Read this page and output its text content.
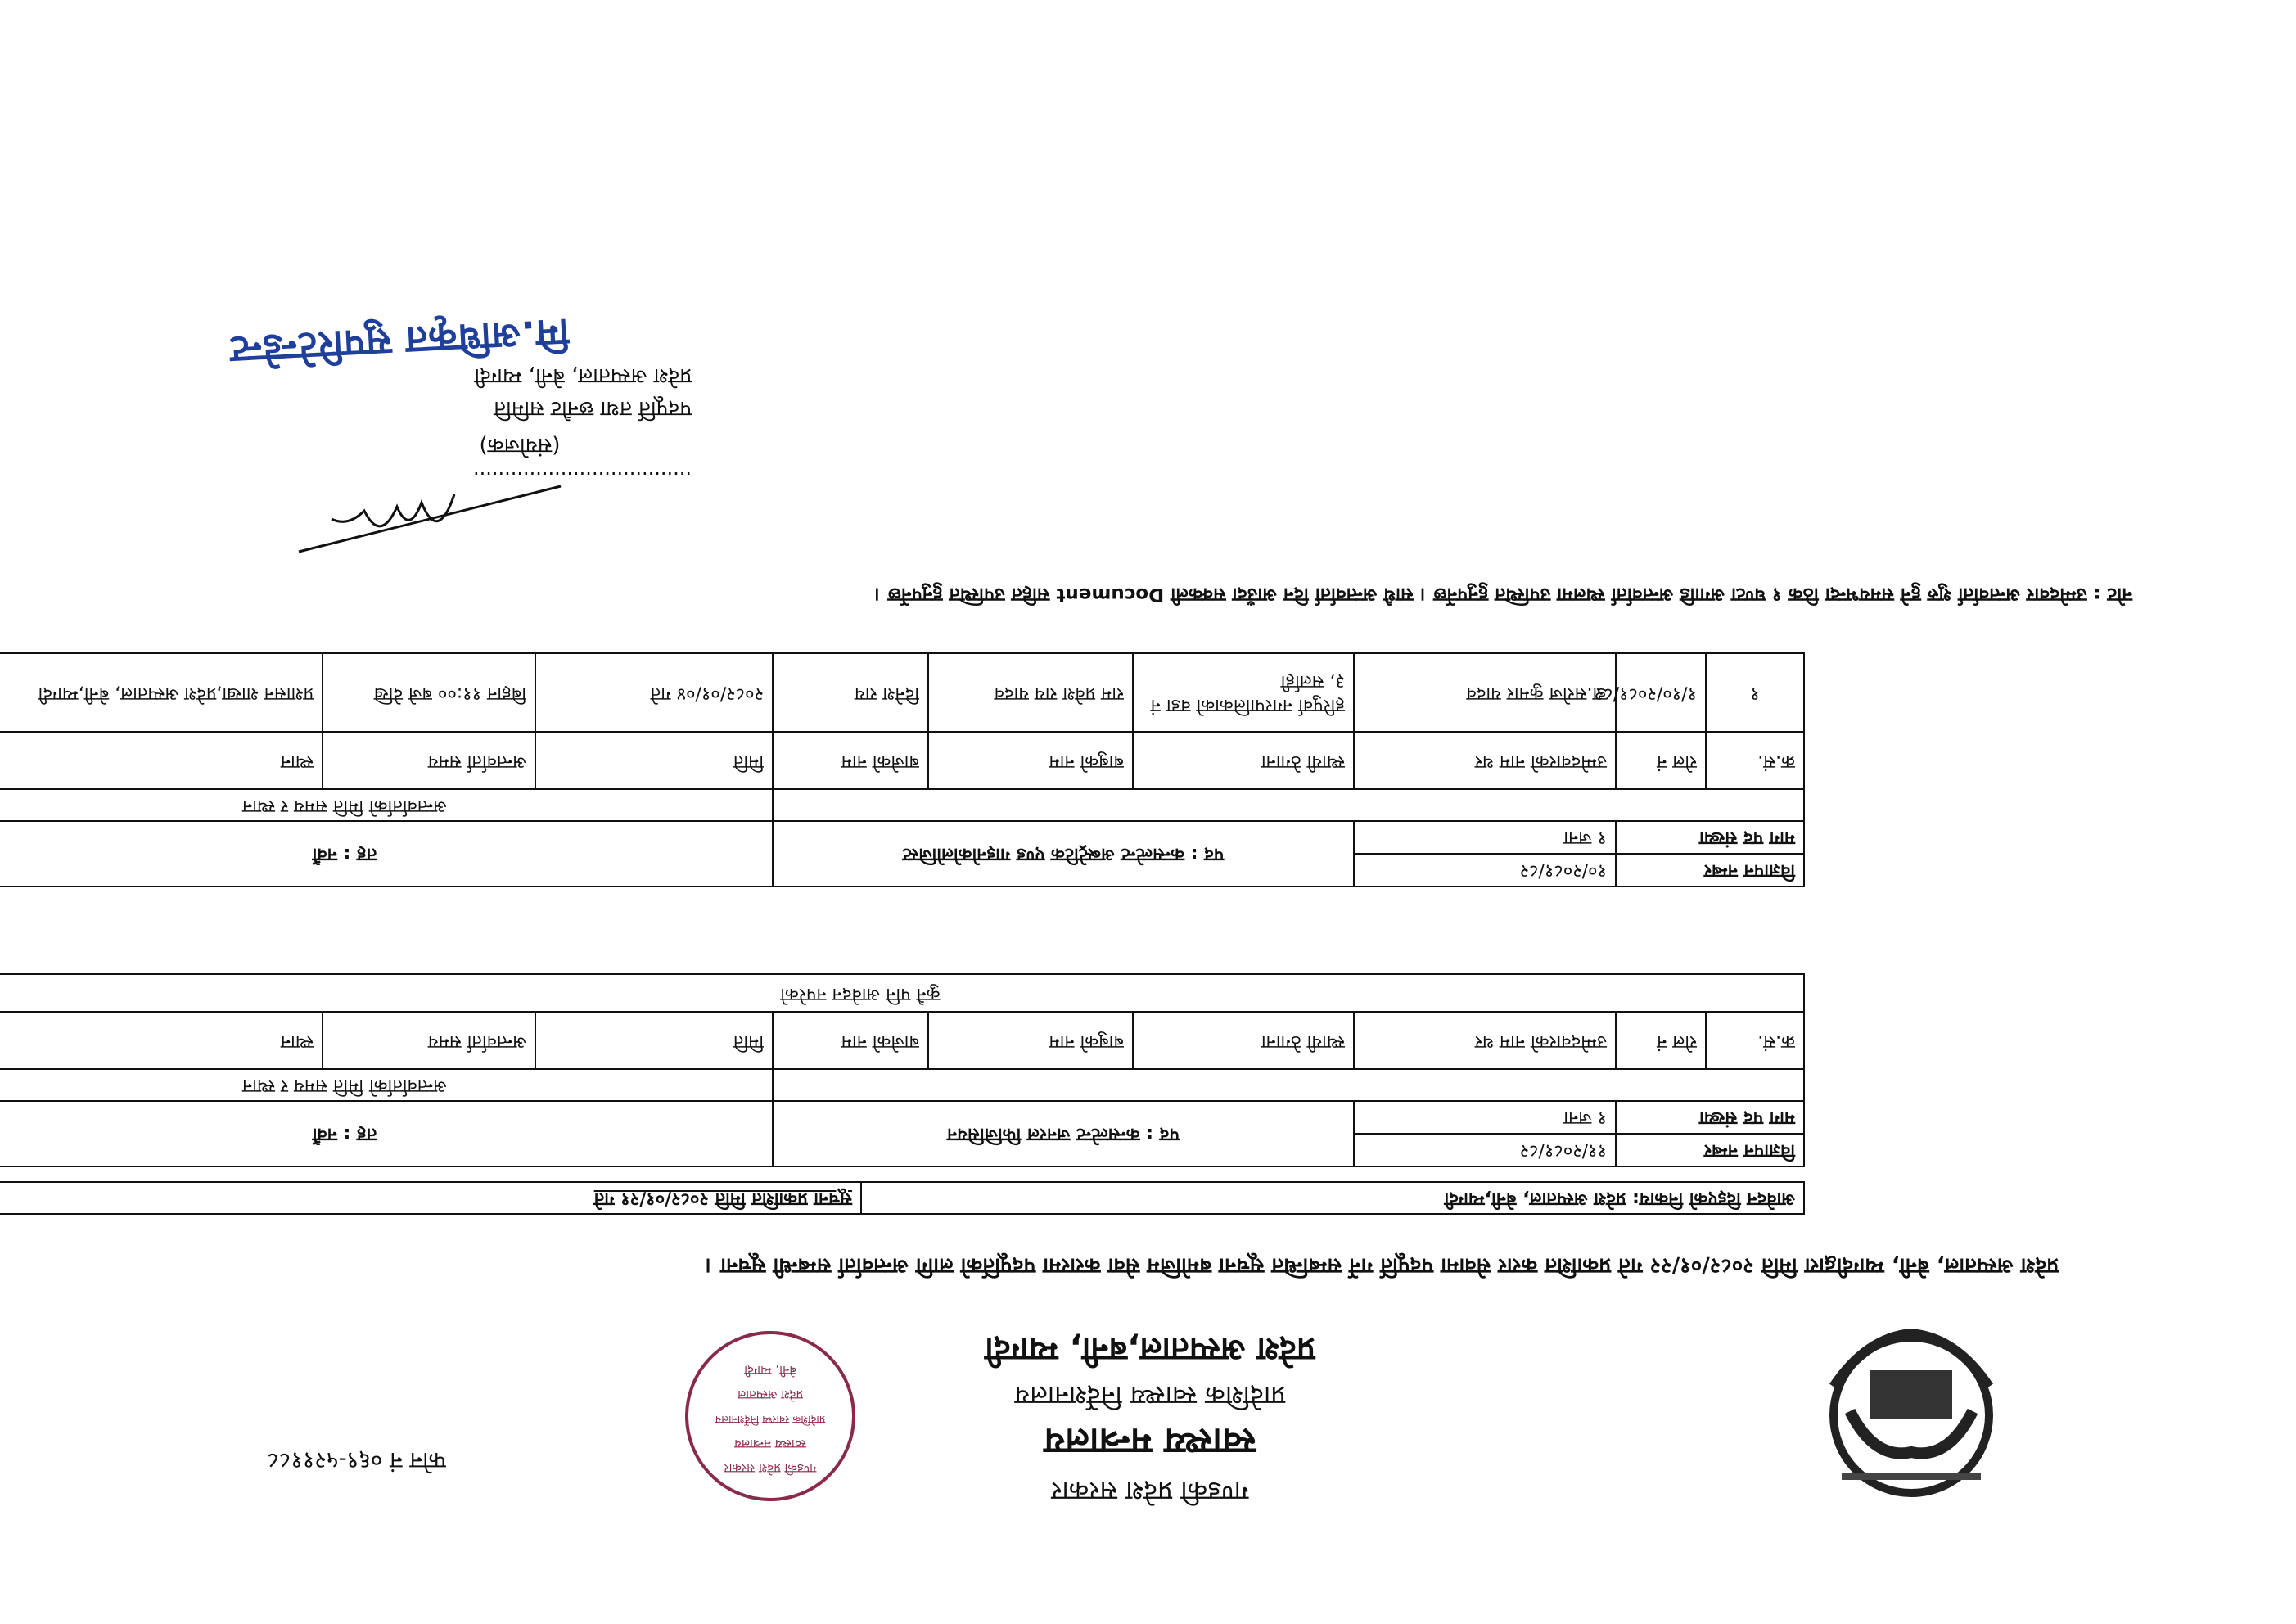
गण्डकी प्रदेश सरकार
स्वास्थ्य मन्त्रालय
प्रादेशिक स्वास्थ्य निर्देशनालय
प्रदेश अस्पताल,बनी, म्याग्दी
फोन नं ०६९-५२११८८	गण्डकी प्रदेश सरकार
स्वास्थ्य मन्त्रालय
प्रादेशिक स्वास्थ्य निर्देशनालय
प्रदेश अस्पताल
बेनी, म्याग्दी
प्रदेश अस्पताल, बेनी, म्याग्दीद्वारा मिति २०८२/०१/२२ गते प्रकाशित करार सेवामा पदपूर्ति गर्ने सम्बन्धित सूचना बमोजिम सेवा करारमा पदपूर्तिको लागि अन्तर्वार्ता सम्बन्धी सूचना ।
आवेदन दिइएको निकाय: प्रदेश अस्पताल, बेनी,म्याग्दी	सूचना प्रकाशित मिति २०८२/०१/२१ गते
विज्ञापन नम्बर		११/२०८१/८२	पद : कन्सल्टेन्ट जनरल फिजिसियन			तह : नवौं		
माग पद संख्या		१ जना						
						अन्तर्वार्ताको मिति समय र स्थान		
क्र.सं.	रोल नं	उम्मेदवारको नाम थर	स्थायी ठेगाना	बाबुको नाम	बाजेको नाम	मिति	अन्तर्वार्ता समय	स्थान
कुनै पनि आवेदन नपरेको								
विज्ञापन नम्बर		१०/२०८१/८२	पद : कन्सल्टेन्ट अब्स्ट्रेटिक एण्ड गाइनोकोलोजिस्ट			तह : नवौं		
माग पद संख्या		१ जना						
						अन्तर्वार्ताको मिति समय र स्थान		
क्र.सं.	रोल नं	उम्मेदवारको नाम थर	स्थायी ठेगाना	बाबुको नाम	बाजेको नाम	मिति	अन्तर्वार्ता समय	स्थान
१	१/१०/२०८१/८२	डा.सरोज कुमार यादव	हरिपुर्वा नगरपालिकाको वडा नं ३, सर्लाही	राम प्रवेश राय यादव	दिनेश राय	२०८२/०१/०४ गते	बिहान ११:०० बजे देखि	प्रशासन शाखा,प्रदेश अस्पताल, बेनी,म्याग्दी
नोट : उम्मेदवार अन्तर्वार्ता शुरु हुने समयभन्दा ठिक १ घण्टा अगाडि अन्तर्वार्ता स्थलमा उपस्थित हुनुपर्नेछ । साथै अन्तर्वार्ता दिन आउँदा सक्कली Document सहित उपस्थित हुनुपर्नेछ ।
...................................
(संयोजक)
पदपूर्ति तथा छनौट समिति
प्रदेश अस्पताल, बेनी, म्याग्दी
मि.अधिकृत सुपरिटेन्डेन्ट
